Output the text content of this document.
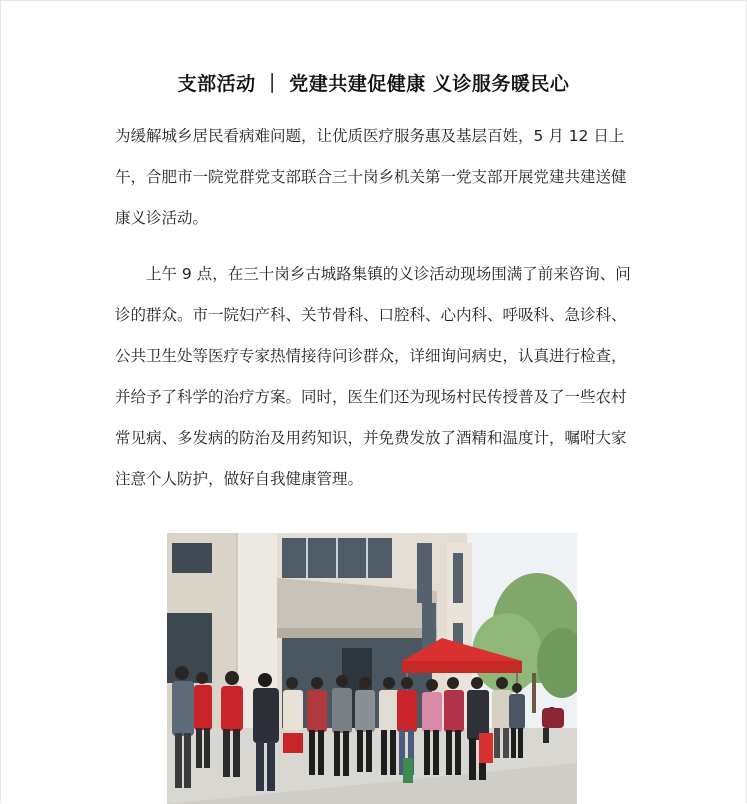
支部活动 ｜ 党建共建促健康 义诊服务暖民心

为缓解城乡居民看病难问题，让优质医疗服务惠及基层百姓，5 月 12 日上午，合肥市一院党群党支部联合三十岗乡机关第一党支部开展党建共建送健康义诊活动。

上午 9 点，在三十岗乡古城路集镇的义诊活动现场围满了前来咨询、问诊的群众。市一院妇产科、关节骨科、口腔科、心内科、呼吸科、急诊科、公共卫生处等医疗专家热情接待问诊群众，详细询问病史，认真进行检查，并给予了科学的治疗方案。同时，医生们还为现场村民传授普及了一些农村常见病、多发病的防治及用药知识，并免费发放了酒精和温度计，嘱咐大家注意个人防护，做好自我健康管理。
